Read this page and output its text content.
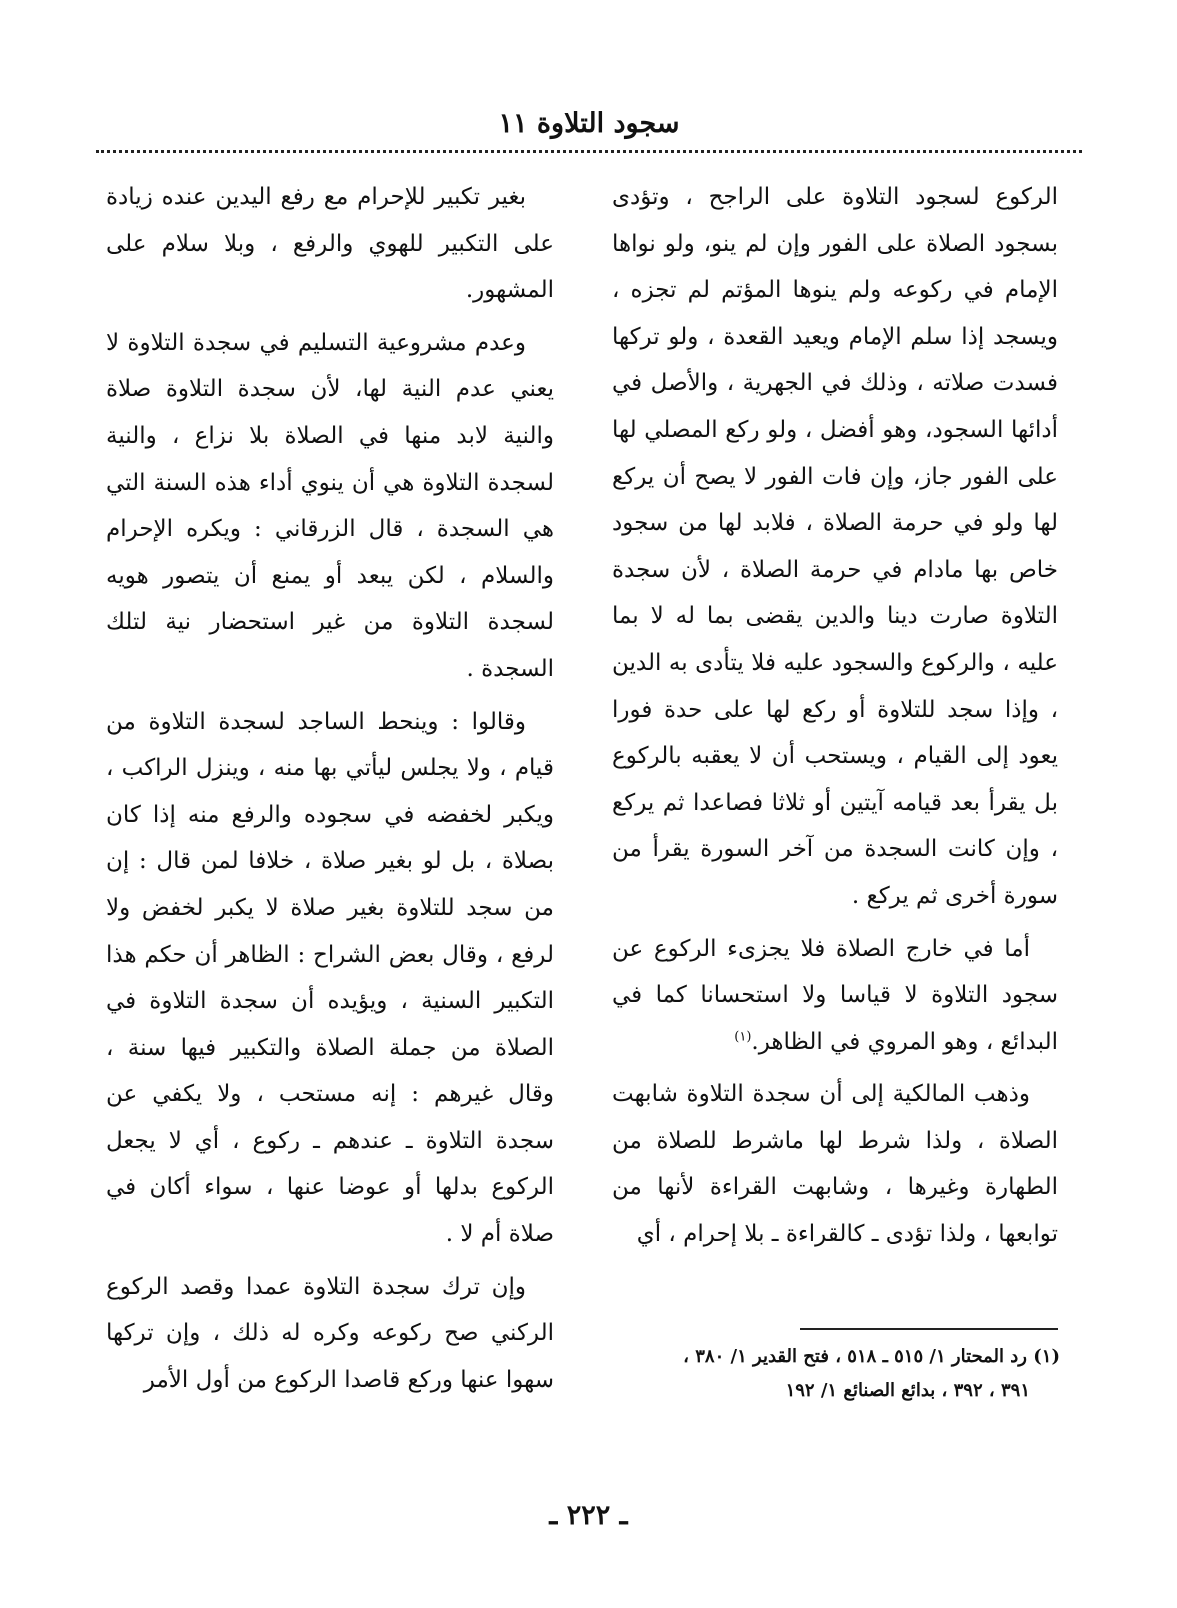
سجود التلاوة ١١

الركوع لسجود التلاوة على الراجح ، وتؤدى بسجود الصلاة على الفور وإن لم ينو، ولو نواها الإمام في ركوعه ولم ينوها المؤتم لم تجزه ، ويسجد إذا سلم الإمام ويعيد القعدة ، ولو تركها فسدت صلاته ، وذلك في الجهرية ، والأصل في أدائها السجود، وهو أفضل ، ولو ركع المصلي لها على الفور جاز، وإن فات الفور لا يصح أن يركع لها ولو في حرمة الصلاة ، فلابد لها من سجود خاص بها مادام في حرمة الصلاة ، لأن سجدة التلاوة صارت دينا والدين يقضى بما له لا بما عليه ، والركوع والسجود عليه فلا يتأدى به الدين ، وإذا سجد للتلاوة أو ركع لها على حدة فورا يعود إلى القيام ، ويستحب أن لا يعقبه بالركوع بل يقرأ بعد قيامه آيتين أو ثلاثا فصاعدا ثم يركع ، وإن كانت السجدة من آخر السورة يقرأ من سورة أخرى ثم يركع .

أما في خارج الصلاة فلا يجزىء الركوع عن سجود التلاوة لا قياسا ولا استحسانا كما في البدائع ، وهو المروي في الظاهر.$^{(١)}$

وذهب المالكية إلى أن سجدة التلاوة شابهت الصلاة ، ولذا شرط لها ماشرط للصلاة من الطهارة وغيرها ، وشابهت القراءة لأنها من توابعها ، ولذا تؤدى ـ كالقراءة ـ بلا إحرام ، أي

بغير تكبير للإحرام مع رفع اليدين عنده زيادة على التكبير للهوي والرفع ، وبلا سلام على المشهور.

وعدم مشروعية التسليم في سجدة التلاوة لا يعني عدم النية لها، لأن سجدة التلاوة صلاة والنية لابد منها في الصلاة بلا نزاع ، والنية لسجدة التلاوة هي أن ينوي أداء هذه السنة التي هي السجدة ، قال الزرقاني : ويكره الإحرام والسلام ، لكن يبعد أو يمنع أن يتصور هويه لسجدة التلاوة من غير استحضار نية لتلك السجدة .

وقالوا : وينحط الساجد لسجدة التلاوة من قيام ، ولا يجلس ليأتي بها منه ، وينزل الراكب ، ويكبر لخفضه في سجوده والرفع منه إذا كان بصلاة ، بل لو بغير صلاة ، خلافا لمن قال : إن من سجد للتلاوة بغير صلاة لا يكبر لخفض ولا لرفع ، وقال بعض الشراح : الظاهر أن حكم هذا التكبير السنية ، ويؤيده أن سجدة التلاوة في الصلاة من جملة الصلاة والتكبير فيها سنة ، وقال غيرهم : إنه مستحب ، ولا يكفي عن سجدة التلاوة ـ عندهم ـ ركوع ، أي لا يجعل الركوع بدلها أو عوضا عنها ، سواء أكان في صلاة أم لا .

وإن ترك سجدة التلاوة عمدا وقصد الركوع الركني صح ركوعه وكره له ذلك ، وإن تركها سهوا عنها وركع قاصدا الركوع من أول الأمر

(١) رد المحتار ١/ ٥١٥ ـ ٥١٨ ، فتح القدير ١/ ٣٨٠ ،
٣٩١ ، ٣٩٢ ، بدائع الصنائع ١/ ١٩٢
ـ ٢٢٢ ـ
